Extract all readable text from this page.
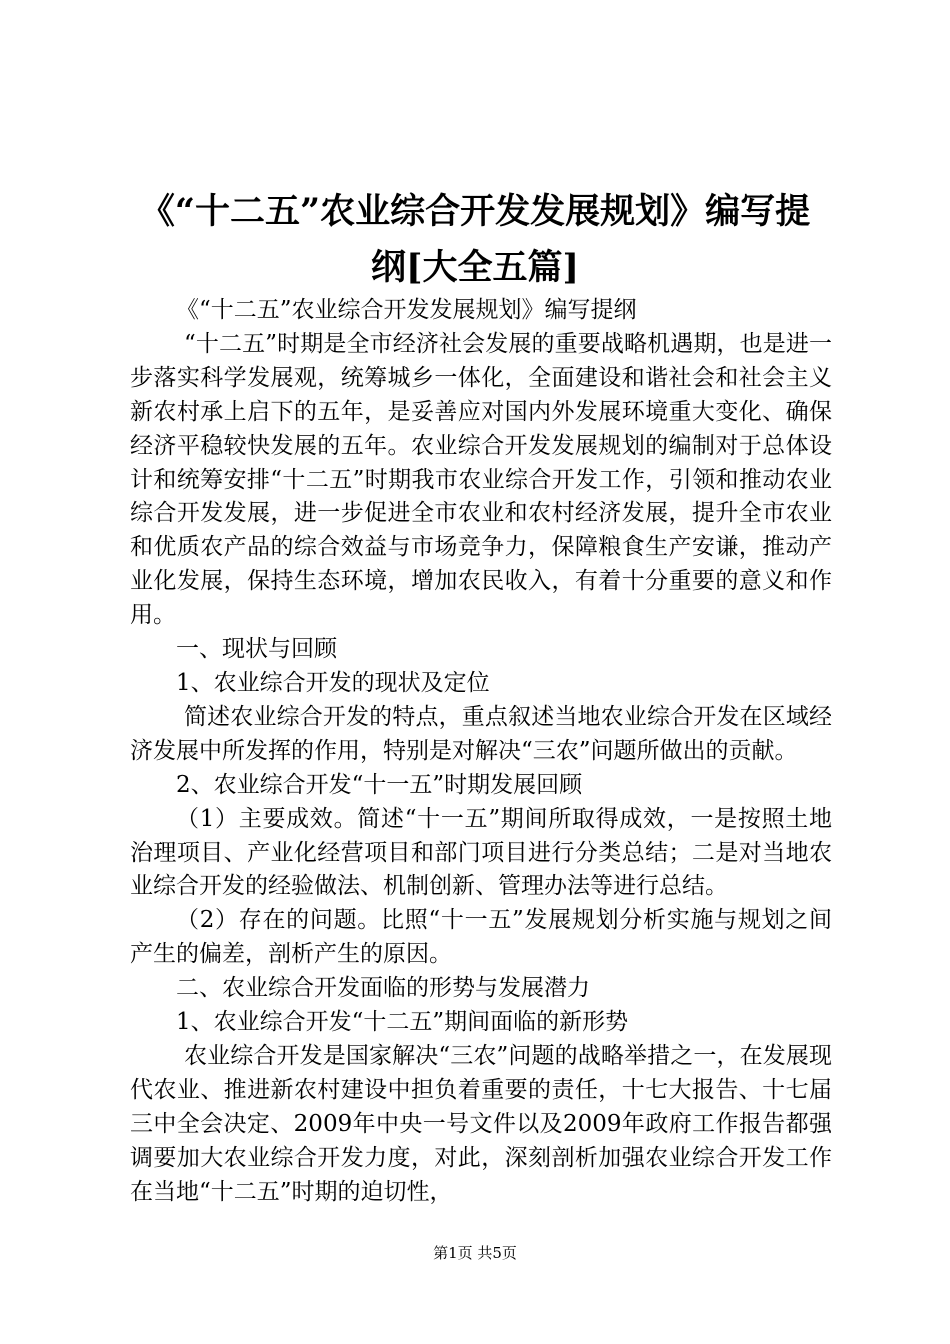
《“十二五”农业综合开发发展规划》编写提
纲[大全五篇]

《“十二五”农业综合开发发展规划》编写提纲

“十二五”时期是全市经济社会发展的重要战略机遇期，也是进一步落实科学发展观，统筹城乡一体化，全面建设和谐社会和社会主义新农村承上启下的五年，是妥善应对国内外发展环境重大变化、确保经济平稳较快发展的五年。农业综合开发发展规划的编制对于总体设计和统筹安排“十二五”时期我市农业综合开发工作，引领和推动农业综合开发发展，进一步促进全市农业和农村经济发展，提升全市农业和优质农产品的综合效益与市场竞争力，保障粮食生产安谦，推动产业化发展，保持生态环境，增加农民收入，有着十分重要的意义和作用。

一、现状与回顾

1、农业综合开发的现状及定位

简述农业综合开发的特点，重点叙述当地农业综合开发在区域经济发展中所发挥的作用，特别是对解决“三农”问题所做出的贡献。

2、农业综合开发“十一五”时期发展回顾

（1）主要成效。简述“十一五”期间所取得成效，一是按照土地治理项目、产业化经营项目和部门项目进行分类总结；二是对当地农业综合开发的经验做法、机制创新、管理办法等进行总结。

（2）存在的问题。比照“十一五”发展规划分析实施与规划之间产生的偏差，剖析产生的原因。

二、农业综合开发面临的形势与发展潜力

1、农业综合开发“十二五”期间面临的新形势

农业综合开发是国家解决“三农”问题的战略举措之一，在发展现代农业、推进新农村建设中担负着重要的责任，十七大报告、十七届三中全会决定、2009年中央一号文件以及2009年政府工作报告都强调要加大农业综合开发力度，对此，深刻剖析加强农业综合开发工作在当地“十二五”时期的迫切性，

第1页 共5页
